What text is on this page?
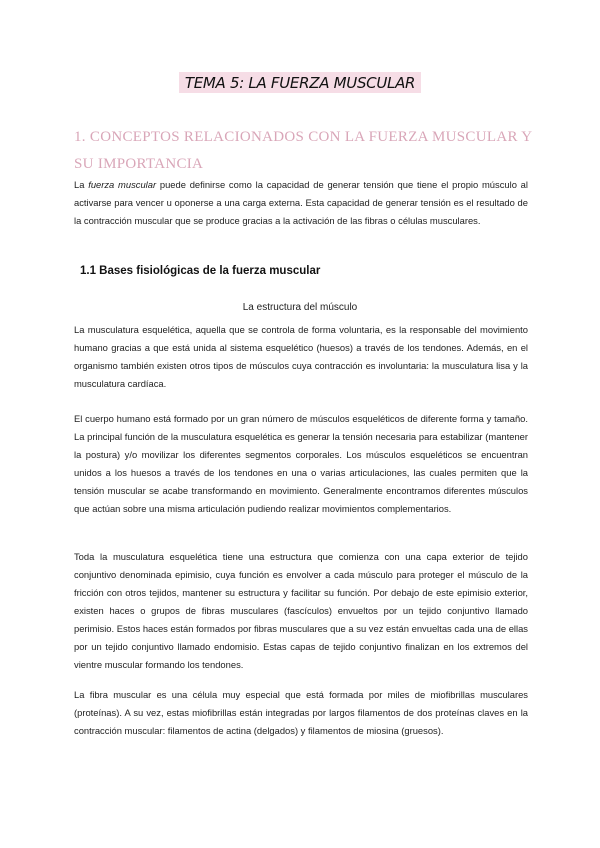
TEMA 5: LA FUERZA MUSCULAR
1. CONCEPTOS RELACIONADOS CON LA FUERZA MUSCULAR Y SU IMPORTANCIA

La fuerza muscular puede definirse como la capacidad de generar tensión que tiene el propio músculo al activarse para vencer u oponerse a una carga externa. Esta capacidad de generar tensión es el resultado de la contracción muscular que se produce gracias a la activación de las fibras o células musculares.

1.1 Bases fisiológicas de la fuerza muscular
La estructura del músculo

La musculatura esquelética, aquella que se controla de forma voluntaria, es la responsable del movimiento humano gracias a que está unida al sistema esquelético (huesos) a través de los tendones. Además, en el organismo también existen otros tipos de músculos cuya contracción es involuntaria: la musculatura lisa y la musculatura cardíaca.

El cuerpo humano está formado por un gran número de músculos esqueléticos de diferente forma y tamaño. La principal función de la musculatura esquelética es generar la tensión necesaria para estabilizar (mantener la postura) y/o movilizar los diferentes segmentos corporales. Los músculos esqueléticos se encuentran unidos a los huesos a través de los tendones en una o varias articulaciones, las cuales permiten que la tensión muscular se acabe transformando en movimiento. Generalmente encontramos diferentes músculos que actúan sobre una misma articulación pudiendo realizar movimientos complementarios.

Toda la musculatura esquelética tiene una estructura que comienza con una capa exterior de tejido conjuntivo denominada epimisio, cuya función es envolver a cada músculo para proteger el músculo de la fricción con otros tejidos, mantener su estructura y facilitar su función. Por debajo de este epimisio exterior, existen haces o grupos de fibras musculares (fascículos) envueltos por un tejido conjuntivo llamado perimisio. Estos haces están formados por fibras musculares que a su vez están envueltas cada una de ellas por un tejido conjuntivo llamado endomisio. Estas capas de tejido conjuntivo finalizan en los extremos del vientre muscular formando los tendones.

La fibra muscular es una célula muy especial que está formada por miles de miofibrillas musculares (proteínas). A su vez, estas miofibrillas están integradas por largos filamentos de dos proteínas claves en la contracción muscular: filamentos de actina (delgados) y filamentos de miosina (gruesos).
